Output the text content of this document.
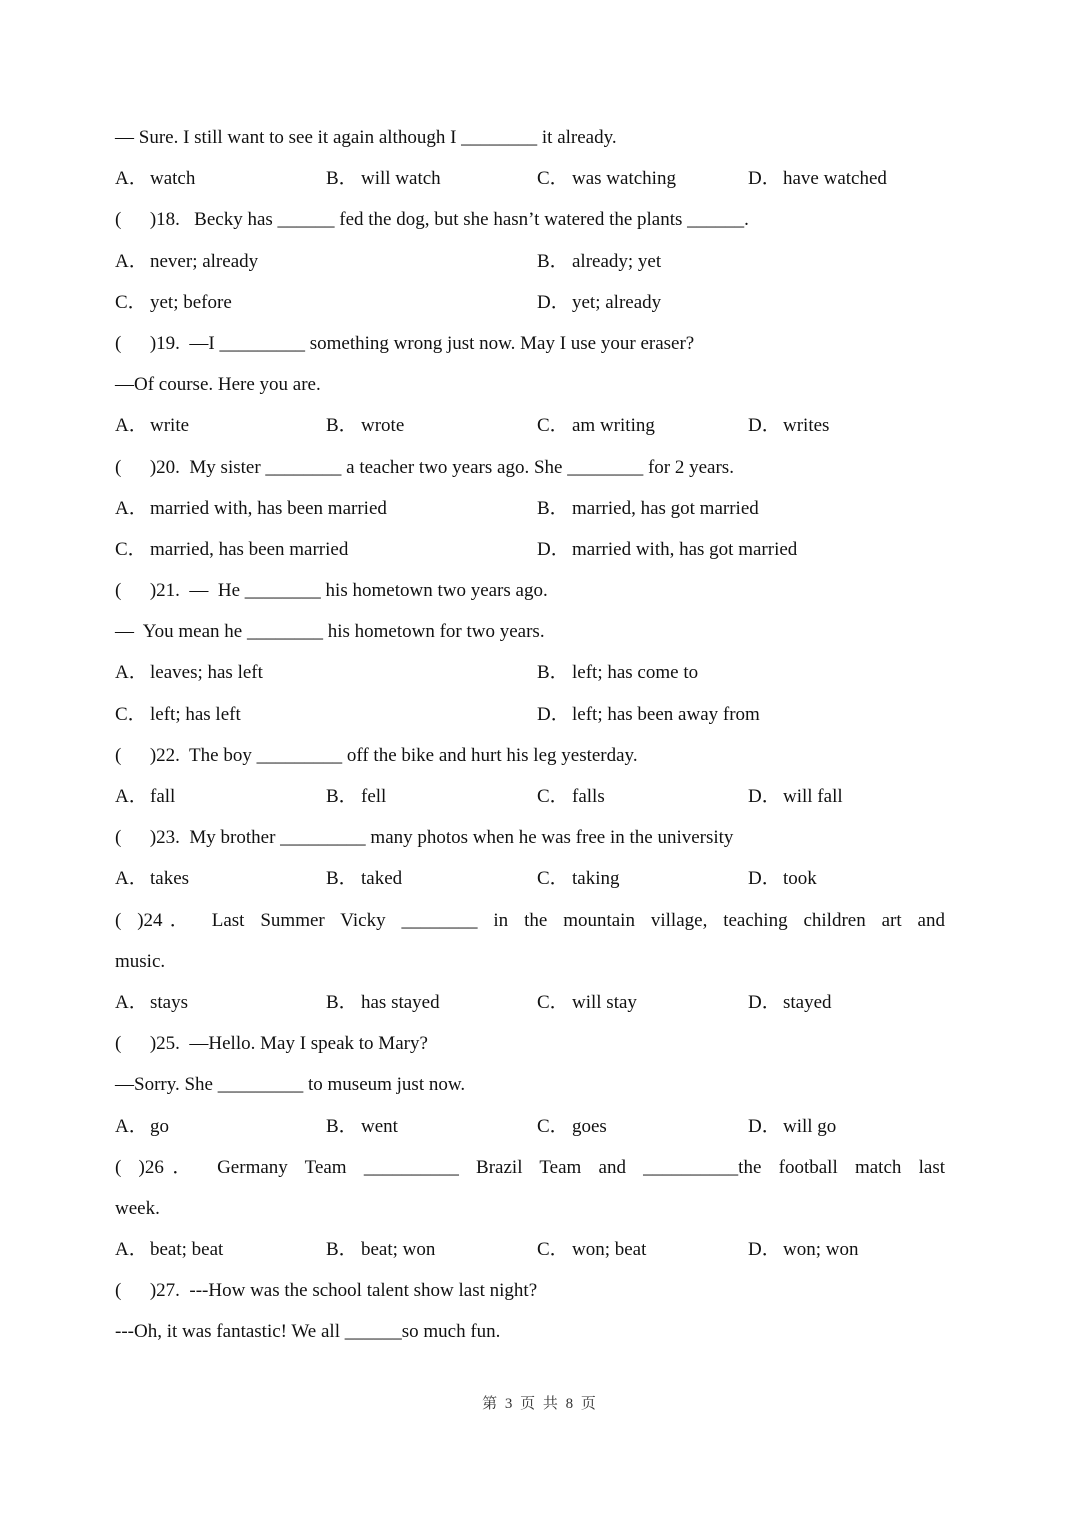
— Sure. I still want to see it again although I ________ it already.
A． watch	B． will watch	C． was watching	D． have watched
(      )18.   Becky has ______ fed the dog, but she hasn’t watered the plants ______.
A． never; already	B． already; yet
C． yet; before	D． yet; already
(      )19.  —I _________ something wrong just now. May I use your eraser?
—Of course. Here you are.
A． write	B． wrote	C． am writing	D． writes
(      )20.  My sister ________ a teacher two years ago. She ________ for 2 years.
A． married with, has been married	B． married, has got married
C． married, has been married	D． married with, has got married
(      )21.  —  He ________ his hometown two years ago.
—  You mean he ________ his hometown for two years.
A． leaves; has left	B． left; has come to
C． left; has left	D． left; has been away from
(      )22.  The boy _________ off the bike and hurt his leg yesterday.
A． fall	B． fell	C． falls	D． will fall
(      )23.  My brother _________ many photos when he was free in the university
A． takes	B． taked	C． taking	D． took
( )24． Last Summer Vicky ________ in the mountain village, teaching children art and
music.
A． stays	B． has stayed	C． will stay	D． stayed
(      )25.  —Hello. May I speak to Mary?
—Sorry. She _________ to museum just now.
A． go	B． went	C． goes	D． will go
( )26． Germany Team __________ Brazil Team and __________the football match last
week.
A． beat; beat	B． beat; won	C． won; beat	D． won; won
(      )27.  ---How was the school talent show last night?
---Oh, it was fantastic! We all ______so much fun.
第 3 页 共 8 页
